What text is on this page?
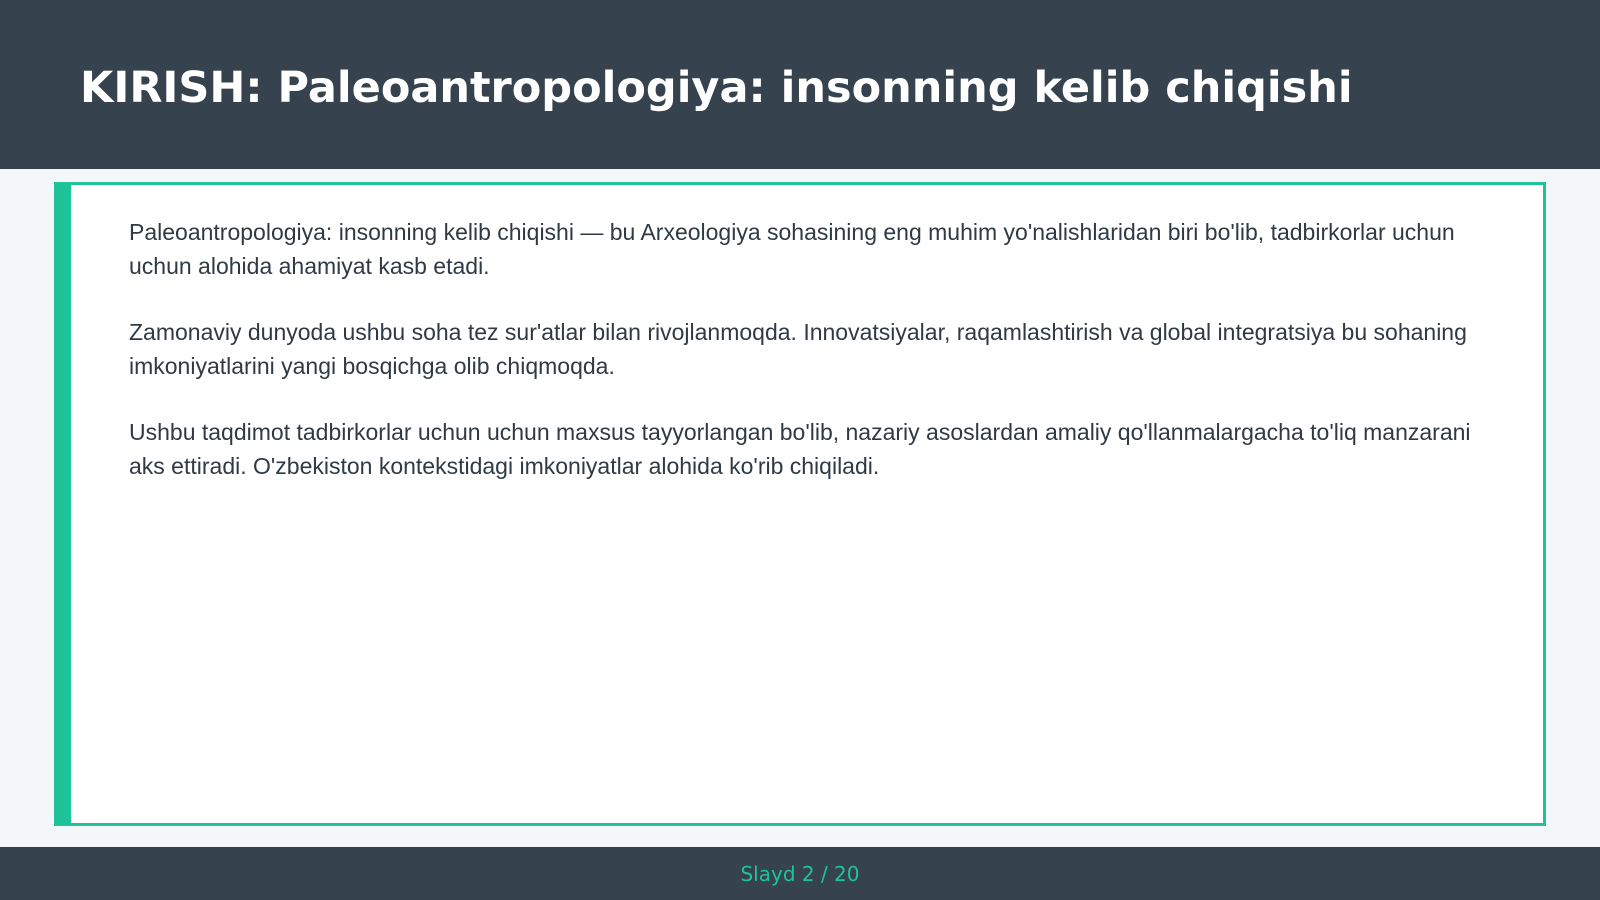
KIRISH: Paleoantropologiya: insonning kelib chiqishi

Paleoantropologiya: insonning kelib chiqishi — bu Arxeologiya sohasining eng muhim yo'nalishlaridan biri bo'lib, tadbirkorlar uchun uchun alohida ahamiyat kasb etadi.

Zamonaviy dunyoda ushbu soha tez sur'atlar bilan rivojlanmoqda. Innovatsiyalar, raqamlashtirish va global integratsiya bu sohaning imkoniyatlarini yangi bosqichga olib chiqmoqda.

Ushbu taqdimot tadbirkorlar uchun uchun maxsus tayyorlangan bo'lib, nazariy asoslardan amaliy qo'llanmalargacha to'liq manzarani aks ettiradi. O'zbekiston kontekstidagi imkoniyatlar alohida ko'rib chiqiladi.

Slayd 2 / 20
